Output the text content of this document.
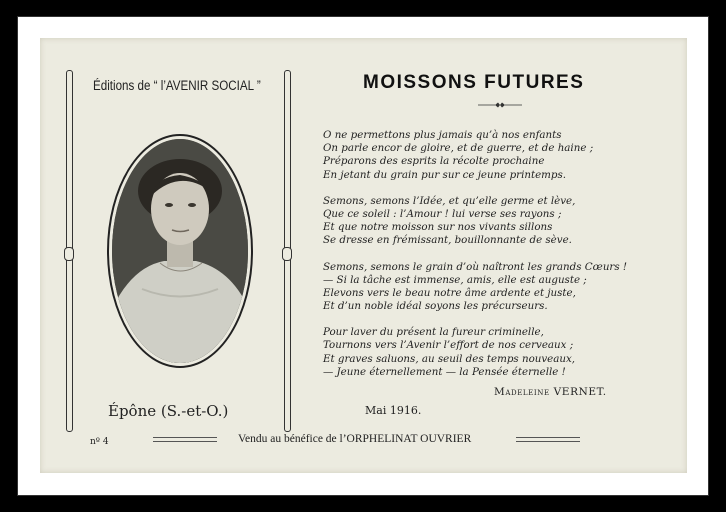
Éditions de “ l’AVENIR SOCIAL ”
Épône (S.-et-O.)
MOISSONS FUTURES
O ne permettons plus jamais qu’à nos enfants
On parle encor de gloire, et de guerre, et de haine ;
Préparons des esprits la récolte prochaine
En jetant du grain pur sur ce jeune printemps.
Semons, semons l’Idée, et qu’elle germe et lève,
Que ce soleil : l’Amour ! lui verse ses rayons ;
Et que notre moisson sur nos vivants sillons
Se dresse en frémissant, bouillonnante de sève.
Semons, semons le grain d’où naîtront les grands Cœurs !
— Si la tâche est immense, amis, elle est auguste ;
Elevons vers le beau notre âme ardente et juste,
Et d’un noble idéal soyons les précurseurs.
Pour laver du présent la fureur criminelle,
Tournons vers l’Avenir l’effort de nos cerveaux ;
Et graves saluons, au seuil des temps nouveaux,
— Jeune éternellement — la Pensée éternelle !
Madeleine VERNET.
Mai 1916.
nº 4	Vendu au bénéfice de l’ORPHELINAT OUVRIER
